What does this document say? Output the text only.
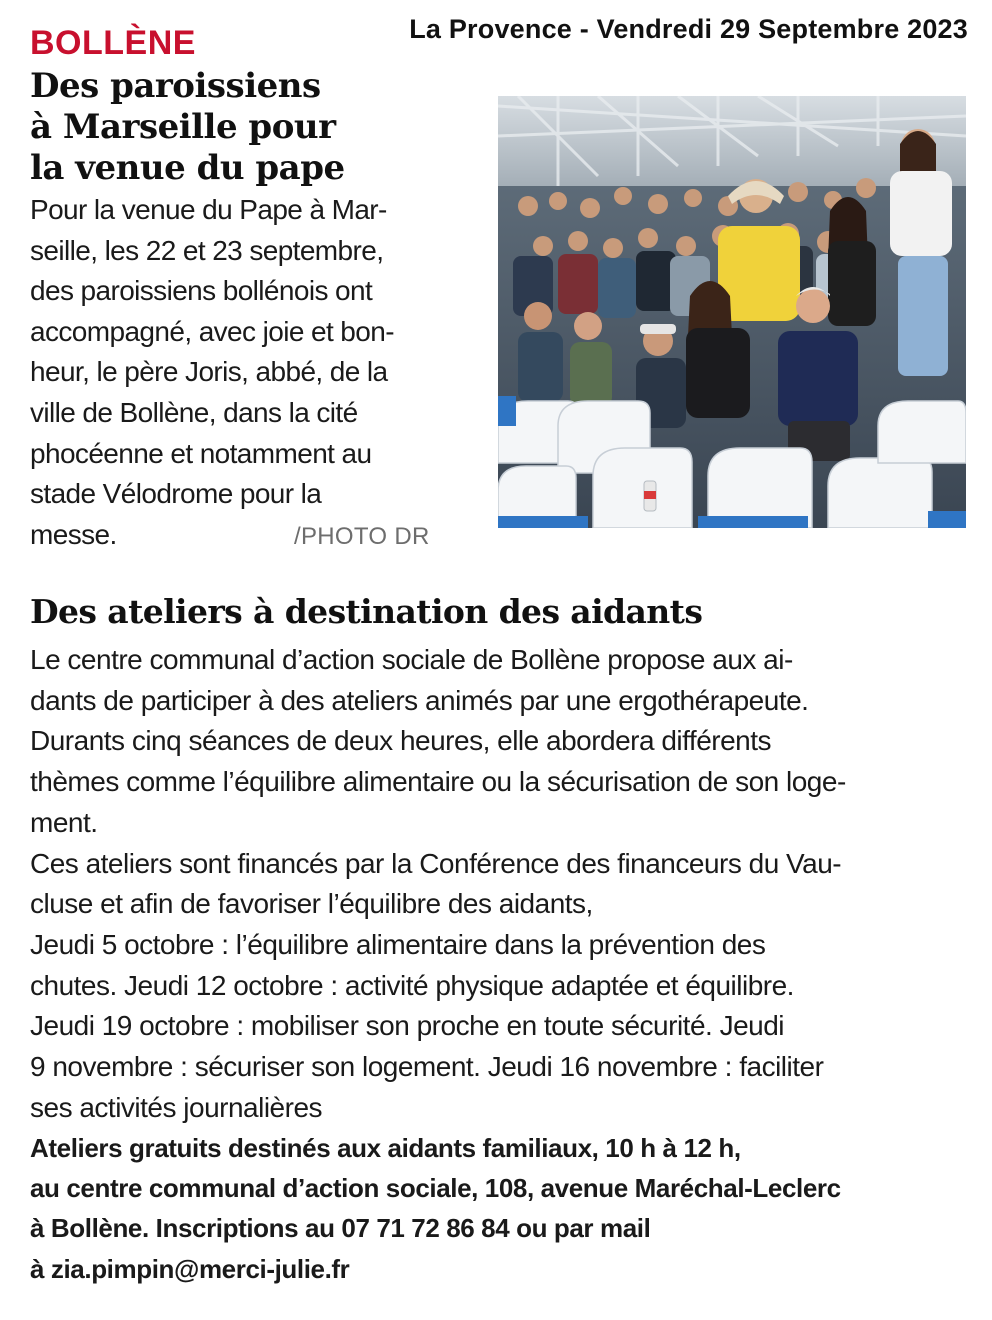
La Provence - Vendredi 29 Septembre 2023
BOLLÈNE
Des paroissiens
à Marseille pour
la venue du pape
Pour la venue du Pape à Mar-
seille, les 22 et 23 septembre,
des paroissiens bollénois ont
accompagné, avec joie et bon-
heur, le père Joris, abbé, de la
ville de Bollène, dans la cité
phocéenne et notamment au
stade Vélodrome pour la
messe.	/PHOTO DR
Des ateliers à destination des aidants
Le centre communal d’action sociale de Bollène propose aux ai-
dants de participer à des ateliers animés par une ergothérapeute.
Durants cinq séances de deux heures, elle abordera différents
thèmes comme l’équilibre alimentaire ou la sécurisation de son loge-
ment.
Ces ateliers sont financés par la Conférence des financeurs du Vau-
cluse et afin de favoriser l’équilibre des aidants,
Jeudi 5 octobre : l’équilibre alimentaire dans la prévention des
chutes. Jeudi 12 octobre : activité physique adaptée et équilibre.
Jeudi 19 octobre : mobiliser son proche en toute sécurité. Jeudi
9 novembre : sécuriser son logement. Jeudi 16 novembre : faciliter
ses activités journalières
Ateliers gratuits destinés aux aidants familiaux, 10 h à 12 h,
au centre communal d’action sociale, 108, avenue Maréchal-Leclerc
à Bollène. Inscriptions au 07 71 72 86 84 ou par mail
à zia.pimpin@merci-julie.fr
